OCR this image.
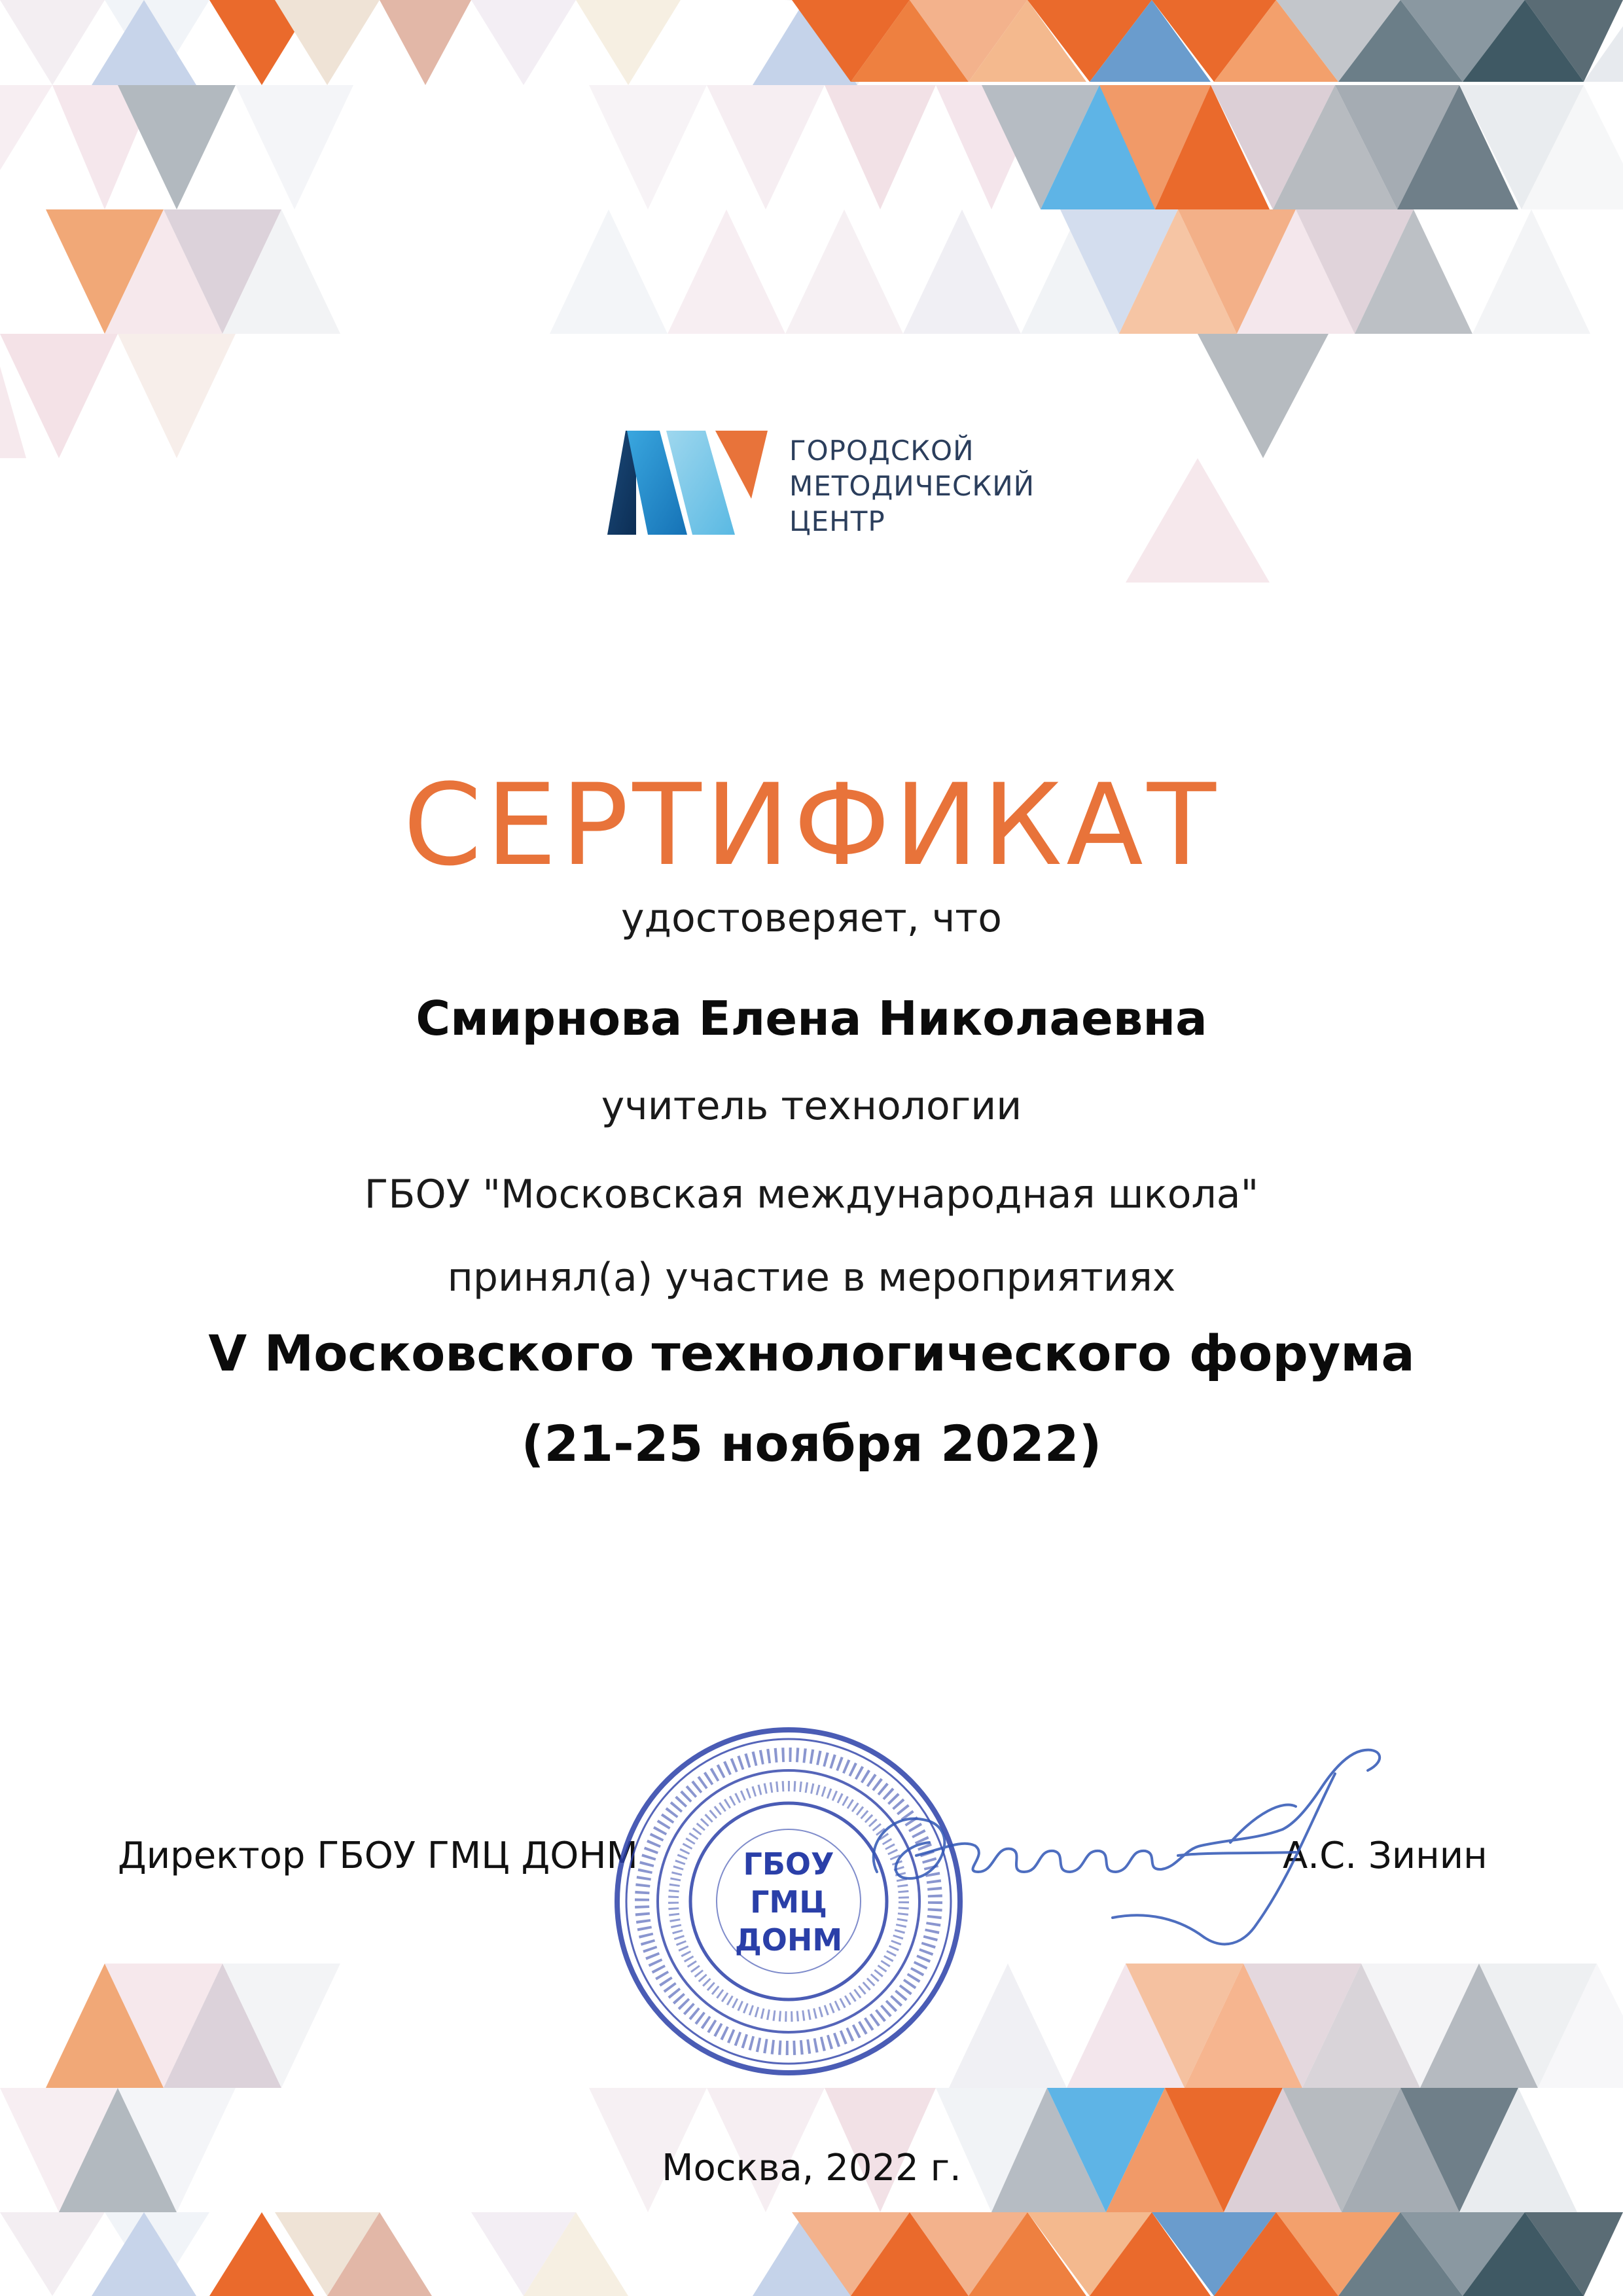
ГОРОДСКОЙ
МЕТОДИЧЕСКИЙ
ЦЕНТР
СЕРТИФИКАТ
удостоверяет, что
Смирнова Елена Николаевна
учитель технологии
ГБОУ "Московская международная школа"
принял(а) участие в мероприятиях
V Московского технологического форума
(21-25 ноября 2022)
Директор ГБОУ ГМЦ ДОНМ	А.С. Зинин
ГБОУ
ГМЦ
ДОНМ
Москва, 2022 г.
